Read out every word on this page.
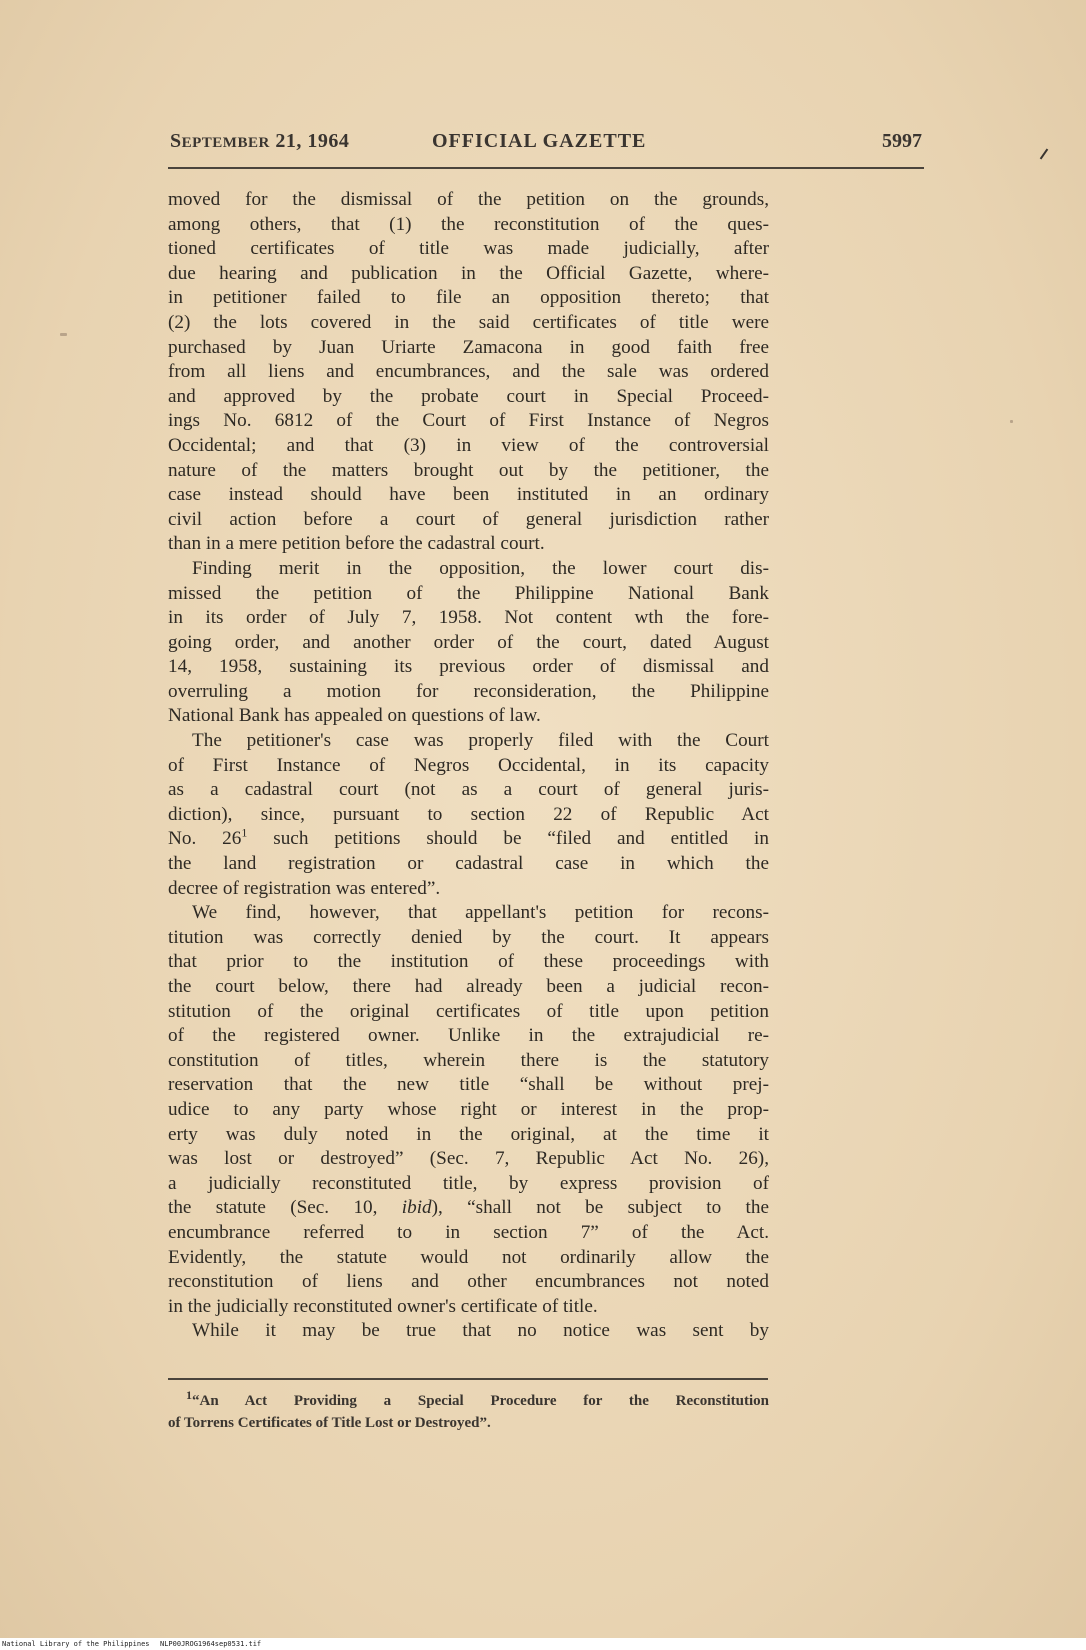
SEPTEMBER 21, 1964	OFFICIAL GAZETTE	5997
moved for the dismissal of the petition on the grounds,
among others, that (1) the reconstitution of the ques-
tioned certificates of title was made judicially, after
due hearing and publication in the Official Gazette, where-
in petitioner failed to file an opposition thereto; that
(2) the lots covered in the said certificates of title were
purchased by Juan Uriarte Zamacona in good faith free
from all liens and encumbrances, and the sale was ordered
and approved by the probate court in Special Proceed-
ings No. 6812 of the Court of First Instance of Negros
Occidental; and that (3) in view of the controversial
nature of the matters brought out by the petitioner, the
case instead should have been instituted in an ordinary
civil action before a court of general jurisdiction rather
than in a mere petition before the cadastral court.
Finding merit in the opposition, the lower court dis-
missed the petition of the Philippine National Bank
in its order of July 7, 1958. Not content wth the fore-
going order, and another order of the court, dated August
14, 1958, sustaining its previous order of dismissal and
overruling a motion for reconsideration, the Philippine
National Bank has appealed on questions of law.
The petitioner's case was properly filed with the Court
of First Instance of Negros Occidental, in its capacity
as a cadastral court (not as a court of general juris-
diction), since, pursuant to section 22 of Republic Act
No. $26^1$ such petitions should be “filed and entitled in
the land registration or cadastral case in which the
decree of registration was entered”.
We find, however, that appellant's petition for recons-
titution was correctly denied by the court. It appears
that prior to the institution of these proceedings with
the court below, there had already been a judicial recon-
stitution of the original certificates of title upon petition
of the registered owner. Unlike in the extrajudicial re-
constitution of titles, wherein there is the statutory
reservation that the new title “shall be without prej-
udice to any party whose right or interest in the prop-
erty was duly noted in the original, at the time it
was lost or destroyed” (Sec. 7, Republic Act No. 26),
a judicially reconstituted title, by express provision of
the statute (Sec. 10, ibid), “shall not be subject to the
encumbrance referred to in section 7” of the Act.
Evidently, the statute would not ordinarily allow the
reconstitution of liens and other encumbrances not noted
in the judicially reconstituted owner's certificate of title.
While it may be true that no notice was sent by
$^1$“An Act Providing a Special Procedure for the Reconstitution
of Torrens Certificates of Title Lost or Destroyed”.
National Library of the Philippines NLP00JROG1964sep0531.tif
